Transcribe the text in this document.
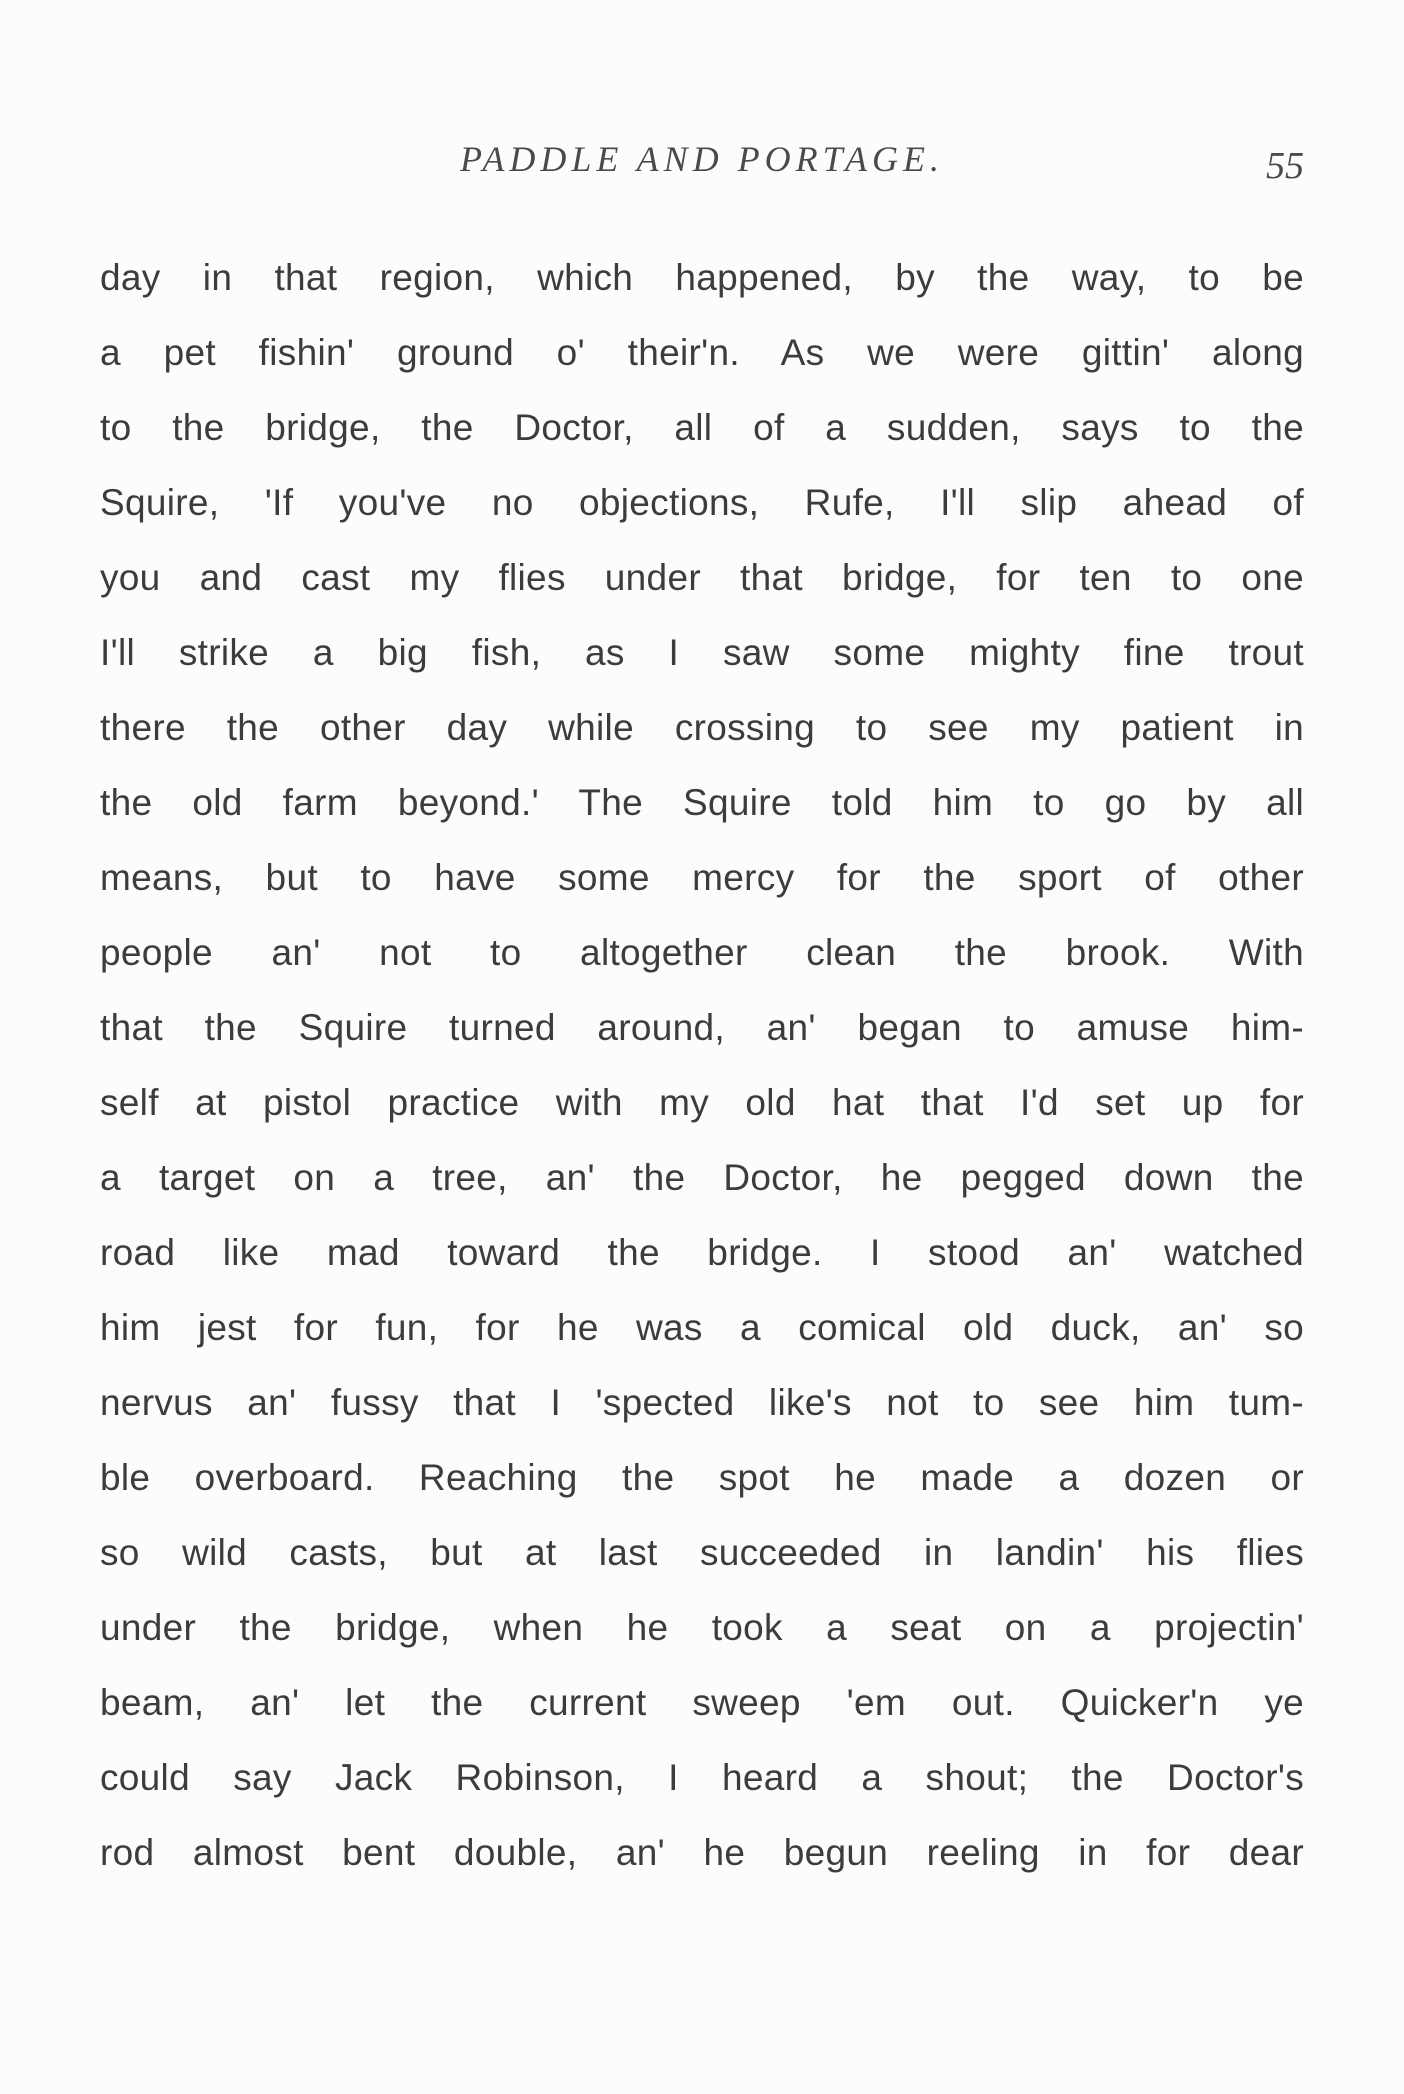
PADDLE AND PORTAGE.	55
day in that region, which happened, by the way, to be
a pet fishin' ground o' their'n. As we were gittin' along
to the bridge, the Doctor, all of a sudden, says to the
Squire, 'If you've no objections, Rufe, I'll slip ahead of
you and cast my flies under that bridge, for ten to one
I'll strike a big fish, as I saw some mighty fine trout
there the other day while crossing to see my patient in
the old farm beyond.' The Squire told him to go by all
means, but to have some mercy for the sport of other
people an' not to altogether clean the brook. With
that the Squire turned around, an' began to amuse him-
self at pistol practice with my old hat that I'd set up for
a target on a tree, an' the Doctor, he pegged down the
road like mad toward the bridge. I stood an' watched
him jest for fun, for he was a comical old duck, an' so
nervus an' fussy that I 'spected like's not to see him tum-
ble overboard. Reaching the spot he made a dozen or
so wild casts, but at last succeeded in landin' his flies
under the bridge, when he took a seat on a projectin'
beam, an' let the current sweep 'em out. Quicker'n ye
could say Jack Robinson, I heard a shout; the Doctor's
rod almost bent double, an' he begun reeling in for dear
